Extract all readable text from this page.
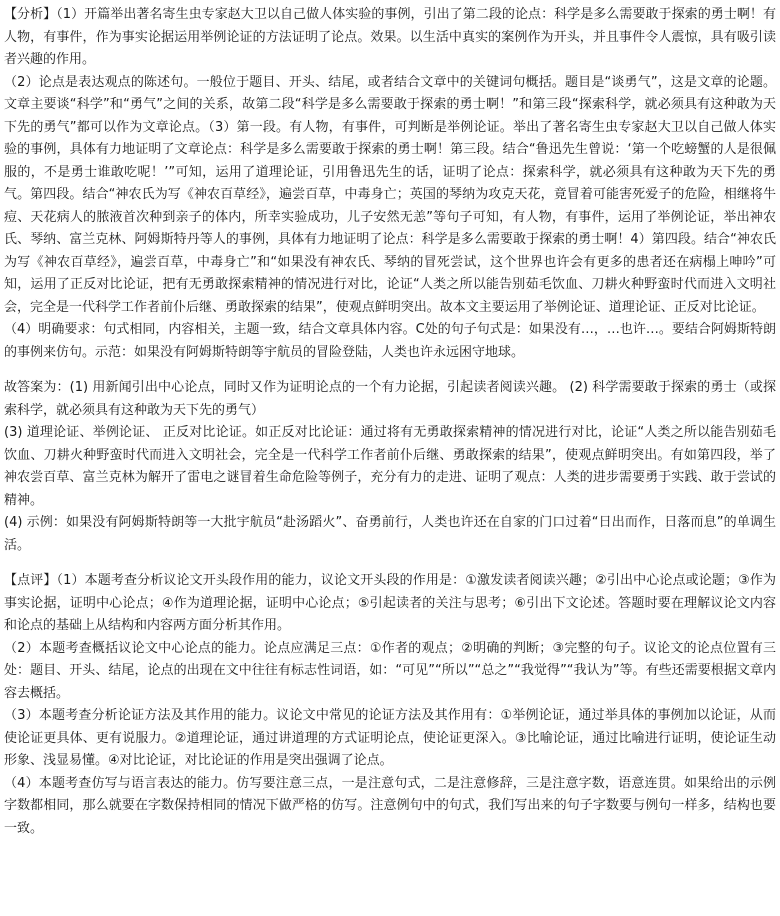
【分析】（1）开篇举出著名寄生虫专家赵大卫以自己做人体实验的事例，引出了第二段的论点：科学是多么需要敢于探索的勇士啊！有人物，有事件，作为事实论据运用举例论证的方法证明了论点。效果。以生活中真实的案例作为开头，并且事件令人震惊，具有吸引读者兴趣的作用。

（2）论点是表达观点的陈述句。一般位于题目、开头、结尾，或者结合文章中的关键词句概括。题目是“谈勇气”，这是文章的论题。文章主要谈“科学”和“勇气”之间的关系，故第二段“科学是多么需要敢于探索的勇士啊！”和第三段“探索科学，就必须具有这种敢为天下先的勇气”都可以作为文章论点。（3）第一段。有人物，有事件，可判断是举例论证。举出了著名寄生虫专家赵大卫以自己做人体实验的事例，具体有力地证明了文章论点：科学是多么需要敢于探索的勇士啊！第三段。结合“鲁迅先生曾说：‘第一个吃螃蟹的人是很佩服的，不是勇士谁敢吃呢！’”可知，运用了道理论证，引用鲁迅先生的话，证明了论点：探索科学，就必须具有这种敢为天下先的勇气。第四段。结合“神农氏为写《神农百草经》，遍尝百草，中毒身亡；英国的琴纳为攻克天花，竟冒着可能害死爱子的危险，相继将牛痘、天花病人的脓液首次种到亲子的体内，所幸实验成功，儿子安然无恙”等句子可知，有人物，有事件，运用了举例论证，举出神农氏、琴纳、富兰克林、阿姆斯特丹等人的事例，具体有力地证明了论点：科学是多么需要敢于探索的勇士啊！4）第四段。结合“神农氏为写《神农百草经》，遍尝百草，中毒身亡”和“如果没有神农氏、琴纳的冒死尝试，这个世界也许会有更多的患者还在病榻上呻吟”可知，运用了正反对比论证，把有无勇敢探索精神的情况进行对比，论证“人类之所以能告别茹毛饮血、刀耕火种野蛮时代而进入文明社会，完全是一代科学工作者前仆后继、勇敢探索的结果”，使观点鲜明突出。故本文主要运用了举例论证、道理论证、正反对比论证。

（4）明确要求：句式相同，内容相关，主题一致，结合文章具体内容。C处的句子句式是：如果没有…，…也许…。要结合阿姆斯特朗的事例来仿句。示范：如果没有阿姆斯特朗等宇航员的冒险登陆，人类也许永远困守地球。

故答案为：(1) 用新闻引出中心论点，同时又作为证明论点的一个有力论据，引起读者阅读兴趣。 (2) 科学需要敢于探索的勇士（或探索科学，就必须具有这种敢为天下先的勇气）

(3) 道理论证、举例论证、 正反对比论证。如正反对比论证：通过将有无勇敢探索精神的情况进行对比，论证“人类之所以能告别茹毛饮血、刀耕火种野蛮时代而进入文明社会，完全是一代科学工作者前仆后继、勇敢探索的结果”，使观点鲜明突出。有如第四段，举了神农尝百草、富兰克林为解开了雷电之谜冒着生命危险等例子，充分有力的走进、证明了观点：人类的进步需要勇于实践、敢于尝试的精神。

(4) 示例：如果没有阿姆斯特朗等一大批宇航员“赴汤蹈火”、奋勇前行，人类也许还在自家的门口过着“日出而作，日落而息”的单调生活。

【点评】（1）本题考查分析议论文开头段作用的能力，议论文开头段的作用是：①激发读者阅读兴趣；②引出中心论点或论题；③作为事实论据，证明中心论点；④作为道理论据，证明中心论点；⑤引起读者的关注与思考；⑥引出下文论述。答题时要在理解议论文内容和论点的基础上从结构和内容两方面分析其作用。

（2）本题考查概括议论文中心论点的能力。论点应满足三点：①作者的观点；②明确的判断；③完整的句子。议论文的论点位置有三处：题目、开头、结尾，论点的出现在文中往往有标志性词语，如：“可见”“所以”“总之”“我觉得”“我认为”等。有些还需要根据文章内容去概括。

（3）本题考查分析论证方法及其作用的能力。议论文中常见的论证方法及其作用有：①举例论证，通过举具体的事例加以论证，从而使论证更具体、更有说服力。②道理论证，通过讲道理的方式证明论点，使论证更深入。③比喻论证，通过比喻进行证明，使论证生动形象、浅显易懂。④对比论证，对比论证的作用是突出强调了论点。

（4）本题考查仿写与语言表达的能力。仿写要注意三点，一是注意句式，二是注意修辞，三是注意字数，语意连贯。如果给出的示例字数都相同，那么就要在字数保持相同的情况下做严格的仿写。注意例句中的句式，我们写出来的句子字数要与例句一样多，结构也要一致。
